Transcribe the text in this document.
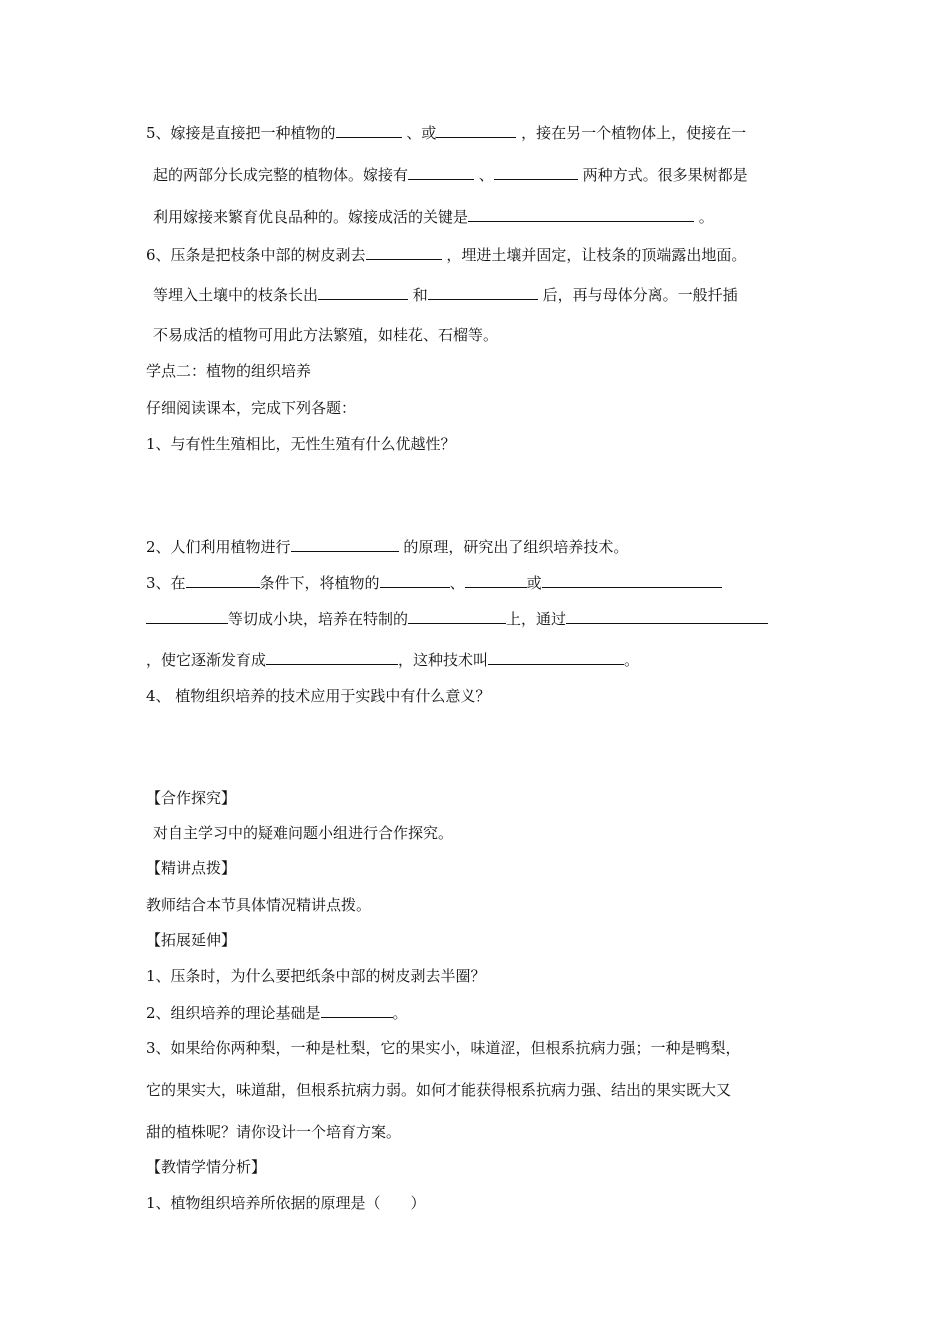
5、嫁接是直接把一种植物的	、或	，接在另一个植物体上，使接在一
起的两部分长成完整的植物体。嫁接有	、	两种方式。很多果树都是
利用嫁接来繁育优良品种的。嫁接成活的关键是	。
6、压条是把枝条中部的树皮剥去	，埋进土壤并固定，让枝条的顶端露出地面。
等埋入土壤中的枝条长出	和	后，再与母体分离。一般扦插
不易成活的植物可用此方法繁殖，如桂花、石榴等。
学点二：植物的组织培养
仔细阅读课本，完成下列各题：
1、与有性生殖相比，无性生殖有什么优越性？
2、人们利用植物进行	的原理，研究出了组织培养技术。
3、在	条件下，将植物的	、	或
等切成小块，培养在特制的	上，通过
，使它逐渐发育成	，这种技术叫	。
4、 植物组织培养的技术应用于实践中有什么意义？
【合作探究】
对自主学习中的疑难问题小组进行合作探究。
【精讲点拨】
教师结合本节具体情况精讲点拨。
【拓展延伸】
1、压条时，为什么要把纸条中部的树皮剥去半圈？
2、组织培养的理论基础是	。
3、如果给你两种梨，一种是杜梨，它的果实小，味道涩，但根系抗病力强；一种是鸭梨，
它的果实大，味道甜，但根系抗病力弱。如何才能获得根系抗病力强、结出的果实既大又
甜的植株呢？请你设计一个培育方案。
【教情学情分析】
1、植物组织培养所依据的原理是（　　）
